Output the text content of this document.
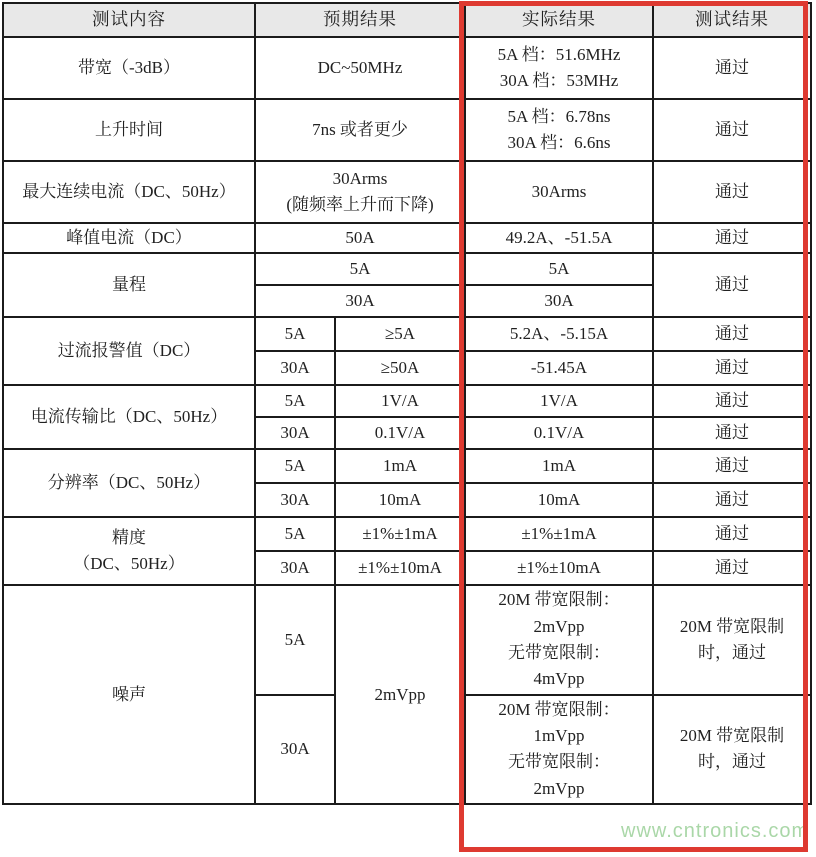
测试内容	预期结果		实际结果	测试结果
带宽（-3dB）	DC~50MHz		5A 档：51.6MHz
30A 档：53MHz	通过
上升时间	7ns 或者更少		5A 档：6.78ns
30A 档：6.6ns	通过
最大连续电流（DC、50Hz）	30Arms
(随频率上升而下降)		30Arms	通过
峰值电流（DC）	50A		49.2A、-51.5A	通过
量程	5A		5A	通过
	30A		30A	
过流报警值（DC）	5A	≥5A	5.2A、-5.15A	通过
	30A	≥50A	-51.45A	通过
电流传输比（DC、50Hz）	5A	1V/A	1V/A	通过
	30A	0.1V/A	0.1V/A	通过
分辨率（DC、50Hz）	5A	1mA	1mA	通过
	30A	10mA	10mA	通过

精度
（DC、50Hz）	5A	±1%±1mA	±1%±1mA	通过
	30A	±1%±10mA	±1%±10mA	通过
噪声	5A	2mVpp	20M 带宽限制：
2mVpp
无带宽限制：
4mVpp	20M 带宽限制
时，通过

	30A		20M 带宽限制：
1mVpp
无带宽限制：
2mVpp	20M 带宽限制
时，通过
www.cntronics.com
